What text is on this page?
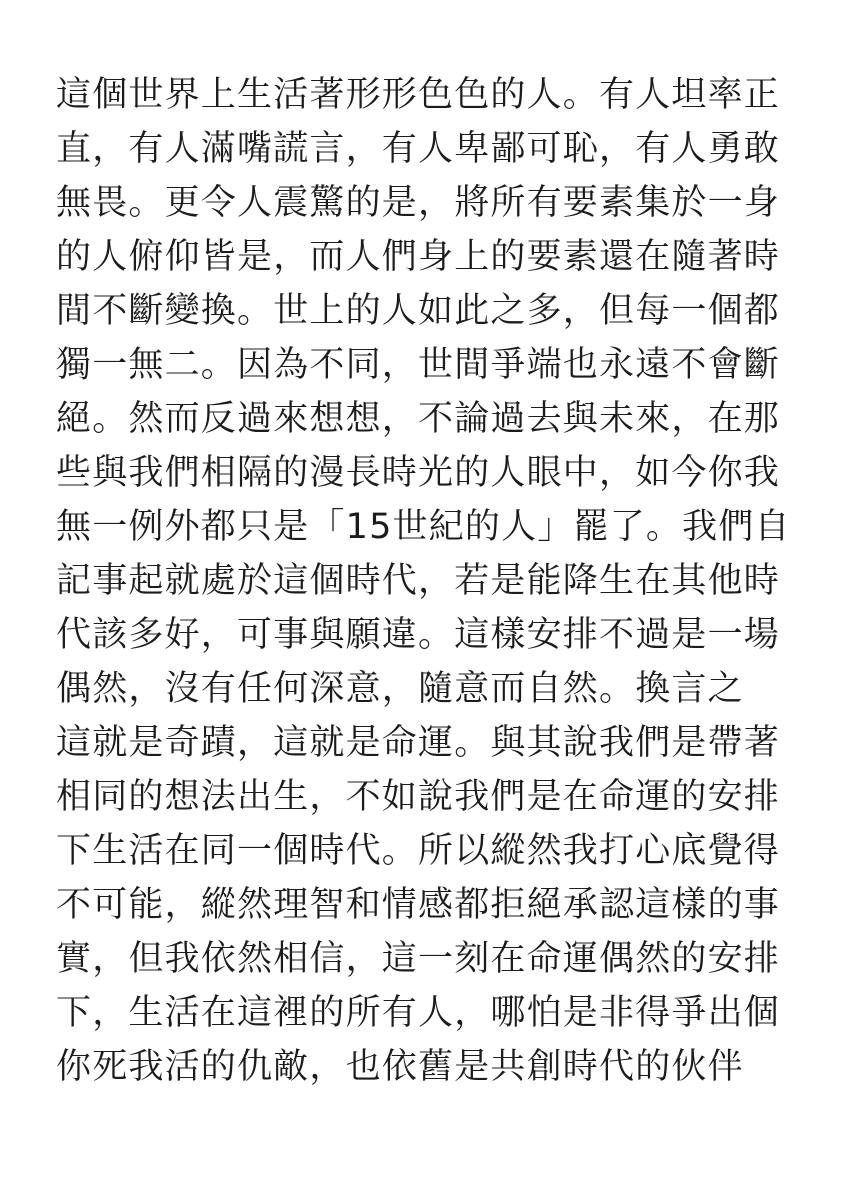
這個世界上生活著形形色色的人。有人坦率正
直，有人滿嘴謊言，有人卑鄙可恥，有人勇敢
無畏。更令人震驚的是，將所有要素集於一身
的人俯仰皆是，而人們身上的要素還在隨著時
間不斷變換。世上的人如此之多，但每一個都
獨一無二。因為不同，世間爭端也永遠不會斷
絕。然而反過來想想，不論過去與未來，在那
些與我們相隔的漫長時光的人眼中，如今你我
無一例外都只是「15世紀的人」罷了。我們自
記事起就處於這個時代，若是能降生在其他時
代該多好，可事與願違。這樣安排不過是一場
偶然，沒有任何深意，隨意而自然。換言之
這就是奇蹟，這就是命運。與其說我們是帶著
相同的想法出生，不如說我們是在命運的安排
下生活在同一個時代。所以縱然我打心底覺得
不可能，縱然理智和情感都拒絕承認這樣的事
實，但我依然相信，這一刻在命運偶然的安排
下，生活在這裡的所有人，哪怕是非得爭出個
你死我活的仇敵，也依舊是共創時代的伙伴
